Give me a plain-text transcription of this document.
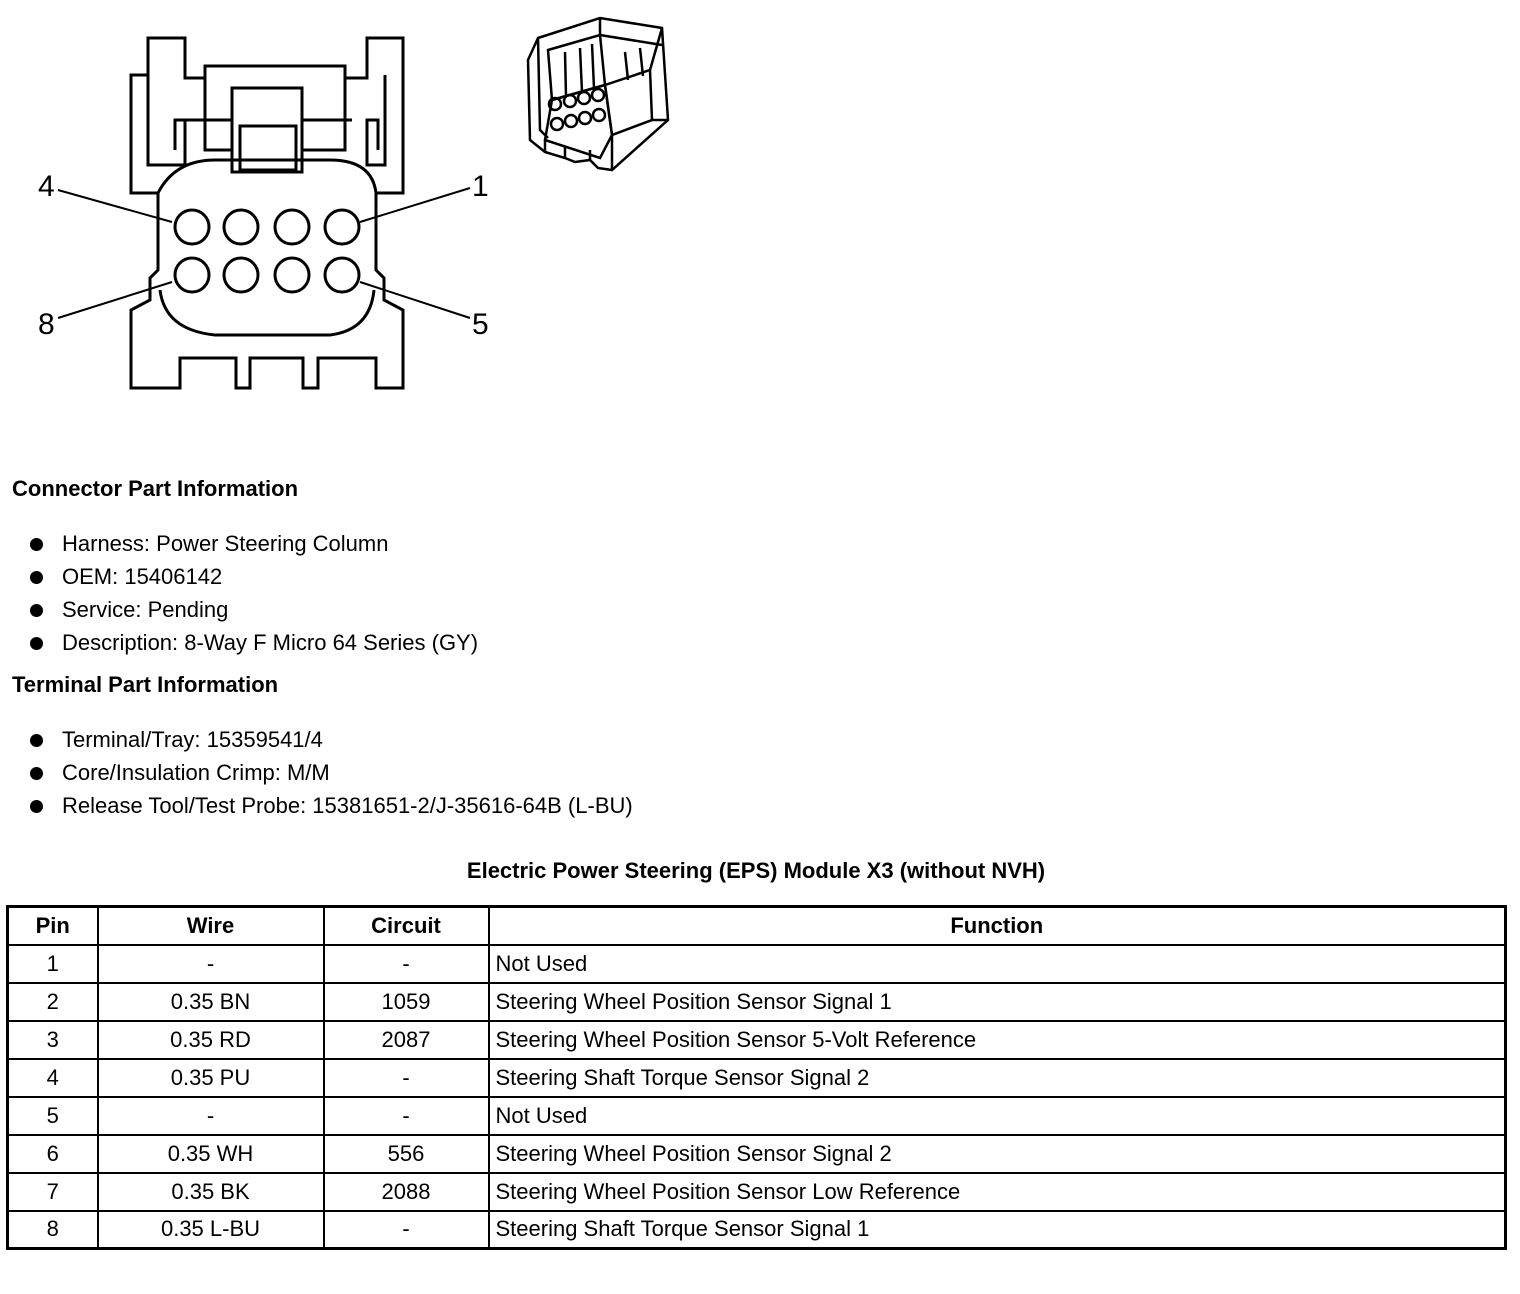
4	1
8	5
Connector Part Information
Harness: Power Steering Column
OEM: 15406142
Service: Pending
Description: 8-Way F Micro 64 Series (GY)
Terminal Part Information
Terminal/Tray: 15359541/4
Core/Insulation Crimp: M/M
Release Tool/Test Probe: 15381651-2/J-35616-64B (L-BU)
Electric Power Steering (EPS) Module X3 (without NVH)
Pin	Wire	Circuit	Function
1	-	-	Not Used
2	0.35 BN	1059	Steering Wheel Position Sensor Signal 1
3	0.35 RD	2087	Steering Wheel Position Sensor 5-Volt Reference
4	0.35 PU	-	Steering Shaft Torque Sensor Signal 2
5	-	-	Not Used
6	0.35 WH	556	Steering Wheel Position Sensor Signal 2
7	0.35 BK	2088	Steering Wheel Position Sensor Low Reference
8	0.35 L-BU	-	Steering Shaft Torque Sensor Signal 1
